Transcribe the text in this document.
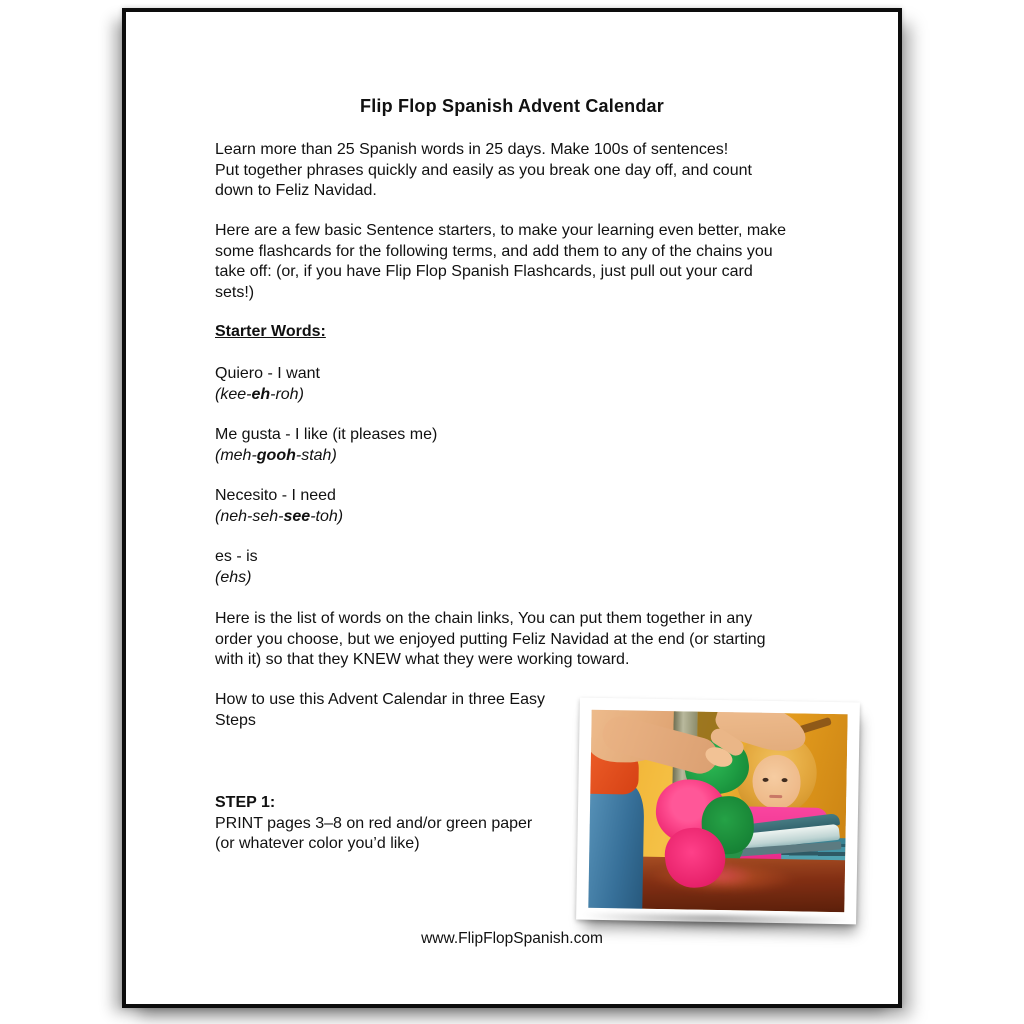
Flip Flop Spanish Advent Calendar
Learn more than 25 Spanish words in 25 days. Make 100s of sentences!
Put together phrases quickly and easily as you break one day off, and count
down to Feliz Navidad.
Here are a few basic Sentence starters, to make your learning even better, make
some flashcards for the following terms, and add them to any of the chains you
take off: (or, if you have Flip Flop Spanish Flashcards, just pull out your card
sets!)
Starter Words:
Quiero - I want
(kee-eh-roh)
Me gusta - I like (it pleases me)
(meh-gooh-stah)
Necesito - I need
(neh-seh-see-toh)
es - is
(ehs)
Here is the list of words on the chain links, You can put them together in any
order you choose, but we enjoyed putting Feliz Navidad at the end (or starting
with it) so that they KNEW what they were working toward.
How to use this Advent Calendar in three Easy
Steps
STEP 1:
PRINT pages 3–8 on red and/or green paper
(or whatever color you’d like)
www.FlipFlopSpanish.com
